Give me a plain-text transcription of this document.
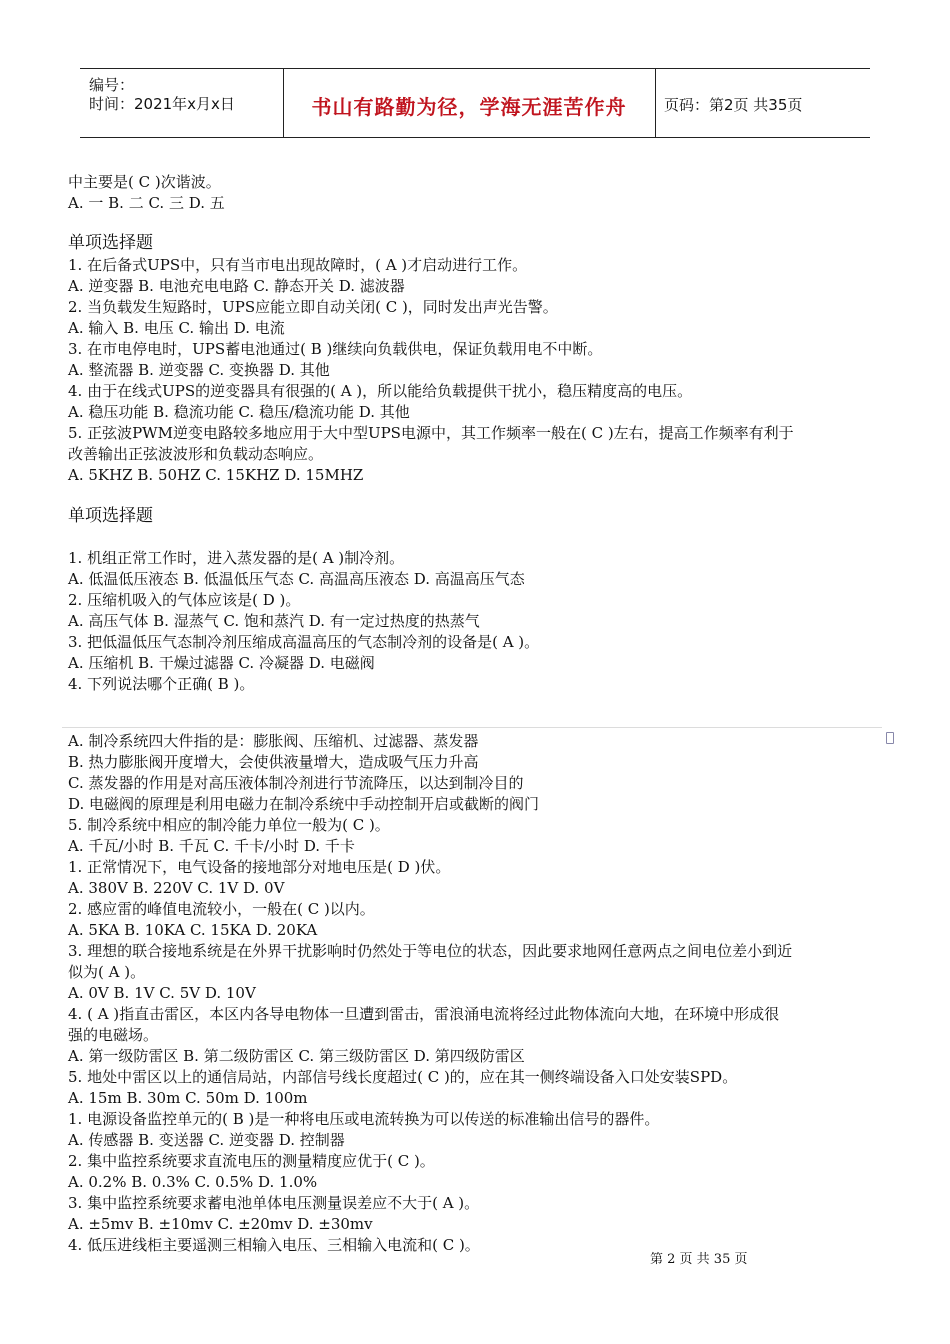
编号：
时间：2021年x月x日	书山有路勤为径，学海无涯苦作舟	页码：第2页 共35页
中主要是( C )次谐波。
A. 一 B. 二 C. 三 D. 五
单项选择题
1. 在后备式UPS中，只有当市电出现故障时，( A )才启动进行工作。
A. 逆变器 B. 电池充电电路 C. 静态开关 D. 滤波器
2. 当负载发生短路时，UPS应能立即自动关闭( C )，同时发出声光告警。
A. 输入 B. 电压 C. 输出 D. 电流
3. 在市电停电时，UPS蓄电池通过( B )继续向负载供电，保证负载用电不中断。
A. 整流器 B. 逆变器 C. 变换器 D. 其他
4. 由于在线式UPS的逆变器具有很强的( A )，所以能给负载提供干扰小，稳压精度高的电压。
A. 稳压功能 B. 稳流功能 C. 稳压/稳流功能 D. 其他
5. 正弦波PWM逆变电路较多地应用于大中型UPS电源中，其工作频率一般在( C )左右，提高工作频率有利于
改善输出正弦波波形和负载动态响应。
A. 5KHZ B. 50HZ C. 15KHZ D. 15MHZ
单项选择题
1. 机组正常工作时，进入蒸发器的是( A )制冷剂。
A. 低温低压液态 B. 低温低压气态 C. 高温高压液态 D. 高温高压气态
2. 压缩机吸入的气体应该是( D )。
A. 高压气体 B. 湿蒸气 C. 饱和蒸汽 D. 有一定过热度的热蒸气
3. 把低温低压气态制冷剂压缩成高温高压的气态制冷剂的设备是( A )。
A. 压缩机 B. 干燥过滤器 C. 冷凝器 D. 电磁阀
4. 下列说法哪个正确( B )。
A. 制冷系统四大件指的是：膨胀阀、压缩机、过滤器、蒸发器
B. 热力膨胀阀开度增大，会使供液量增大，造成吸气压力升高
C. 蒸发器的作用是对高压液体制冷剂进行节流降压，以达到制冷目的
D. 电磁阀的原理是利用电磁力在制冷系统中手动控制开启或截断的阀门
5. 制冷系统中相应的制冷能力单位一般为( C )。
A. 千瓦/小时 B. 千瓦 C. 千卡/小时 D. 千卡
1. 正常情况下，电气设备的接地部分对地电压是( D )伏。
A. 380V B. 220V C. 1V D. 0V
2. 感应雷的峰值电流较小，一般在( C )以内。
A. 5KA B. 10KA C. 15KA D. 20KA
3. 理想的联合接地系统是在外界干扰影响时仍然处于等电位的状态，因此要求地网任意两点之间电位差小到近
似为( A )。
A. 0V B. 1V C. 5V D. 10V
4. ( A )指直击雷区，本区内各导电物体一旦遭到雷击，雷浪涌电流将经过此物体流向大地，在环境中形成很
强的电磁场。
A. 第一级防雷区 B. 第二级防雷区 C. 第三级防雷区 D. 第四级防雷区
5. 地处中雷区以上的通信局站，内部信号线长度超过( C )的，应在其一侧终端设备入口处安装SPD。
A. 15m B. 30m C. 50m D. 100m
1. 电源设备监控单元的( B )是一种将电压或电流转换为可以传送的标准输出信号的器件。
A. 传感器 B. 变送器 C. 逆变器 D. 控制器
2. 集中监控系统要求直流电压的测量精度应优于( C )。
A. 0.2% B. 0.3% C. 0.5% D. 1.0%
3. 集中监控系统要求蓄电池单体电压测量误差应不大于( A )。
A. ±5mv B. ±10mv C. ±20mv D. ±30mv
4. 低压进线柜主要遥测三相输入电压、三相输入电流和( C )。
第 2 页 共 35 页
